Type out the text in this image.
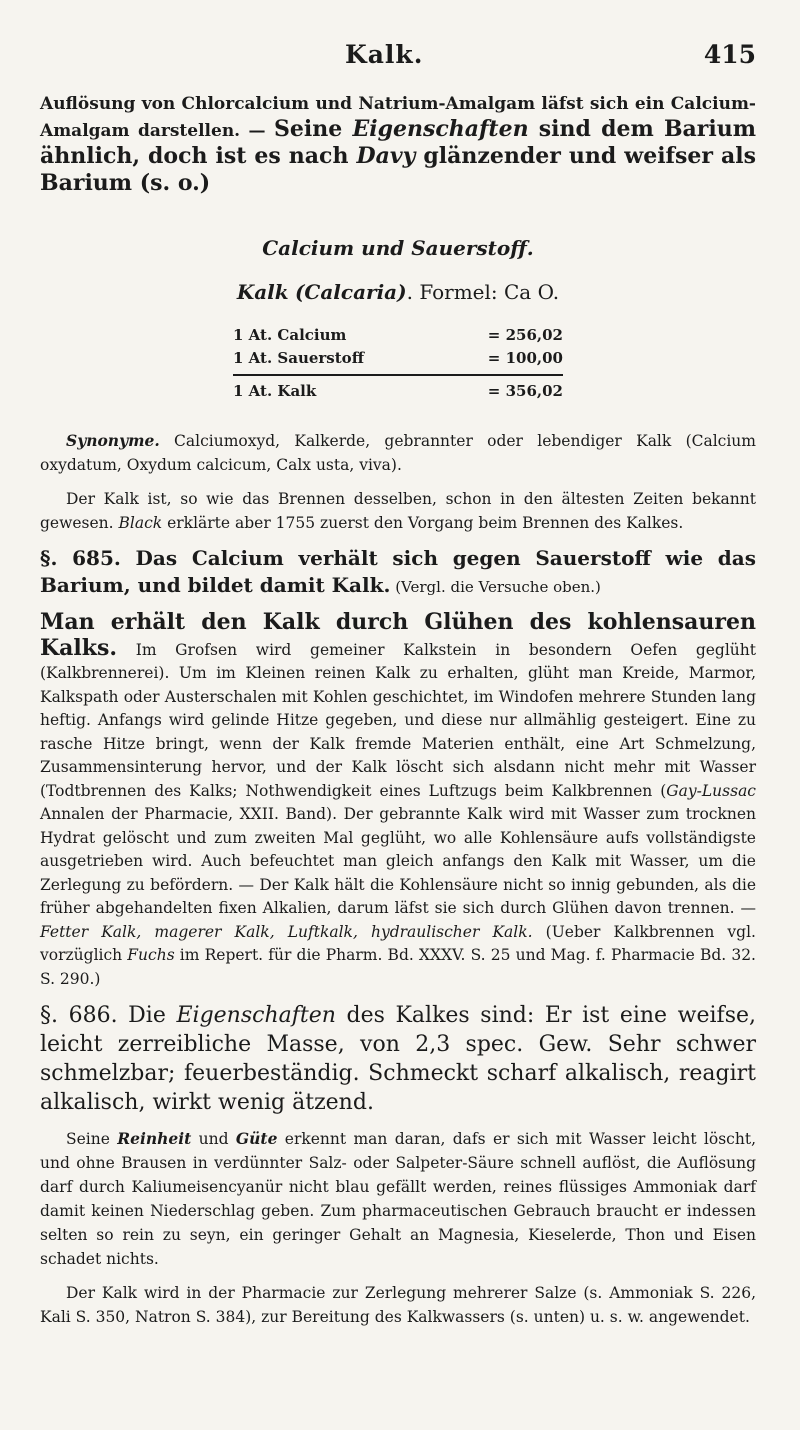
Kalk.	415

Auflösung von Chlorcalcium und Natrium-Amalgam läfst sich ein Calcium-Amalgam darstellen. — Seine Eigenschaften sind dem Barium ähnlich, doch ist es nach Davy glänzender und weifser als Barium (s. o.)

Calcium und Sauerstoff.
Kalk (Calcaria). Formel: Ca O.
1 At. Calcium	= 256,02
1 At. Sauerstoff	= 100,00
1 At. Kalk	= 356,02

Synonyme. Calciumoxyd, Kalkerde, gebrannter oder lebendiger Kalk (Calcium oxydatum, Oxydum calcicum, Calx usta, viva).

Der Kalk ist, so wie das Brennen desselben, schon in den ältesten Zeiten bekannt gewesen. Black erklärte aber 1755 zuerst den Vorgang beim Brennen des Kalkes.

§. 685. Das Calcium verhält sich gegen Sauerstoff wie das Barium, und bildet damit Kalk. (Vergl. die Versuche oben.)

Man erhält den Kalk durch Glühen des kohlensauren Kalks. Im Grofsen wird gemeiner Kalkstein in besondern Oefen geglüht (Kalkbrennerei). Um im Kleinen reinen Kalk zu erhalten, glüht man Kreide, Marmor, Kalkspath oder Austerschalen mit Kohlen geschichtet, im Windofen mehrere Stunden lang heftig. Anfangs wird gelinde Hitze gegeben, und diese nur allmählig gesteigert. Eine zu rasche Hitze bringt, wenn der Kalk fremde Materien enthält, eine Art Schmelzung, Zusammensinterung hervor, und der Kalk löscht sich alsdann nicht mehr mit Wasser (Todtbrennen des Kalks; Nothwendigkeit eines Luftzugs beim Kalkbrennen (Gay-Lussac Annalen der Pharmacie, XXII. Band). Der gebrannte Kalk wird mit Wasser zum trocknen Hydrat gelöscht und zum zweiten Mal geglüht, wo alle Kohlensäure aufs vollständigste ausgetrieben wird. Auch befeuchtet man gleich anfangs den Kalk mit Wasser, um die Zerlegung zu befördern. — Der Kalk hält die Kohlensäure nicht so innig gebunden, als die früher abgehandelten fixen Alkalien, darum läfst sie sich durch Glühen davon trennen. — Fetter Kalk, magerer Kalk, Luftkalk, hydraulischer Kalk. (Ueber Kalkbrennen vgl. vorzüglich Fuchs im Repert. für die Pharm. Bd. XXXV. S. 25 und Mag. f. Pharmacie Bd. 32. S. 290.)

§. 686. Die Eigenschaften des Kalkes sind: Er ist eine weifse, leicht zerreibliche Masse, von 2,3 spec. Gew. Sehr schwer schmelzbar; feuerbeständig. Schmeckt scharf alkalisch, reagirt alkalisch, wirkt wenig ätzend.

Seine Reinheit und Güte erkennt man daran, dafs er sich mit Wasser leicht löscht, und ohne Brausen in verdünnter Salz- oder Salpeter-Säure schnell auflöst, die Auflösung darf durch Kaliumeisencyanür nicht blau gefällt werden, reines flüssiges Ammoniak darf damit keinen Niederschlag geben. Zum pharmaceutischen Gebrauch braucht er indessen selten so rein zu seyn, ein geringer Gehalt an Magnesia, Kieselerde, Thon und Eisen schadet nichts.

Der Kalk wird in der Pharmacie zur Zerlegung mehrerer Salze (s. Ammoniak S. 226, Kali S. 350, Natron S. 384), zur Bereitung des Kalkwassers (s. unten) u. s. w. angewendet.
